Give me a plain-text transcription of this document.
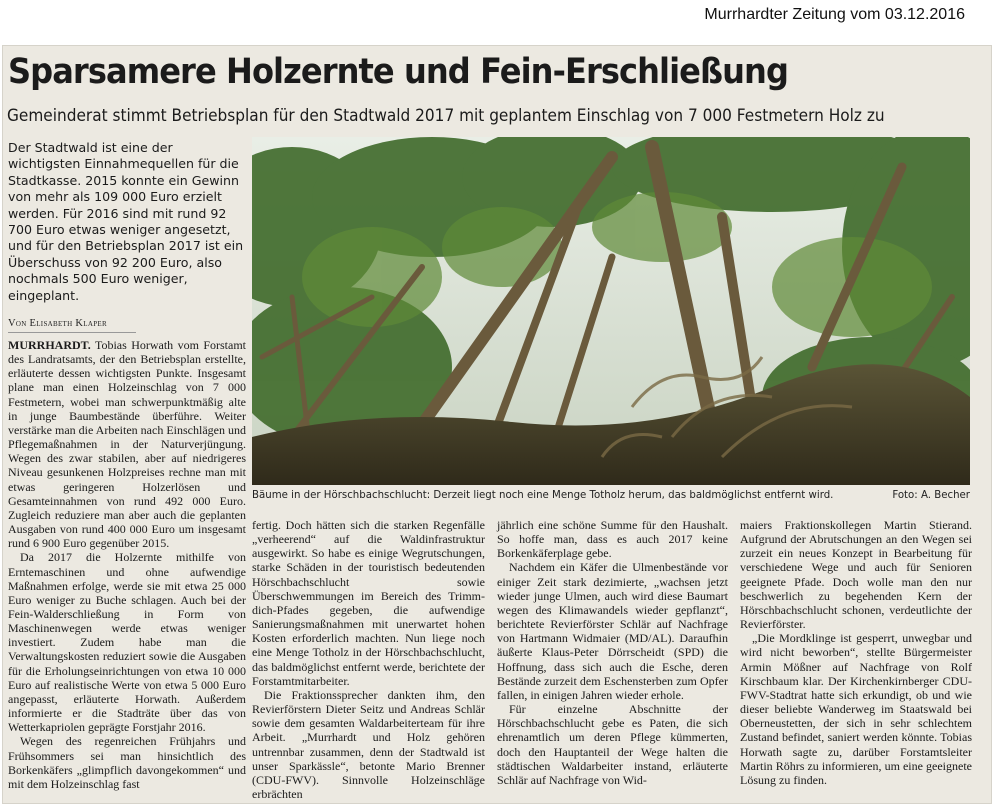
Murrhardter Zeitung vom 03.12.2016
Sparsamere Holzernte und Fein-Erschließung
Gemeinderat stimmt Betriebsplan für den Stadtwald 2017 mit geplantem Einschlag von 7 000 Festmetern Holz zu
Der Stadtwald ist eine der wichtigsten Einnahmequellen für die Stadtkasse. 2015 konnte ein Gewinn von mehr als 109 000 Euro erzielt werden. Für 2016 sind mit rund 92 700 Euro etwas weniger angesetzt, und für den Betriebsplan 2017 ist ein Überschuss von 92 200 Euro, also nochmals 500 Euro weniger, eingeplant.
Von Elisabeth Klaper

MURRHARDT. Tobias Horwath vom Forstamt des Landratsamts, der den Betriebsplan erstellte, erläuterte dessen wichtigsten Punkte. Insgesamt plane man einen Holzeinschlag von 7 000 Festmetern, wobei man schwerpunktmäßig alte in junge Baumbestände überführe. Weiter verstärke man die Arbeiten nach Einschlägen und Pflegemaßnahmen in der Naturverjüngung. Wegen des zwar stabilen, aber auf niedrigeres Niveau gesunkenen Holzpreises rechne man mit etwas geringeren Holzerlösen und Gesamteinnahmen von rund 492 000 Euro. Zugleich reduziere man aber auch die geplanten Ausgaben von rund 400 000 Euro um insgesamt rund 6 900 Euro gegenüber 2015.

Da 2017 die Holzernte mithilfe von Erntemaschinen und ohne aufwendige Maßnahmen erfolge, werde sie mit etwa 25 000 Euro weniger zu Buche schlagen. Auch bei der Fein-Walderschließung in Form von Maschinenwegen werde etwas weniger investiert. Zudem habe man die Verwaltungskosten reduziert sowie die Ausgaben für die Erholungseinrichtungen von etwa 10 000 Euro auf realistische Werte von etwa 5 000 Euro angepasst, erläuterte Horwath. Außerdem informierte er die Stadträte über das von Wetterkapriolen geprägte Forstjahr 2016.

Wegen des regenreichen Frühjahrs und Frühsommers sei man hinsichtlich des Borkenkäfers „glimpflich davongekommen“ und mit dem Holzeinschlag fast

Bäume in der Hörschbachschlucht: Derzeit liegt noch eine Menge Totholz herum, das baldmöglichst entfernt wird.	Foto: A. Becher

fertig. Doch hätten sich die starken Regenfälle „verheerend“ auf die Waldinfrastruktur ausgewirkt. So habe es einige Wegrutschungen, starke Schäden in der touristisch bedeutenden Hörschbachschlucht sowie Überschwemmungen im Bereich des Trimm-dich-Pfades gegeben, die aufwendige Sanierungsmaßnahmen mit unerwartet hohen Kosten erforderlich machten. Nun liege noch eine Menge Totholz in der Hörschbachschlucht, das baldmöglichst entfernt werde, berichtete der Forstamtmitarbeiter.

Die Fraktionssprecher dankten ihm, den Revierförstern Dieter Seitz und Andreas Schlär sowie dem gesamten Waldarbeiterteam für ihre Arbeit. „Murrhardt und Holz gehören untrennbar zusammen, denn der Stadtwald ist unser Sparkässle“, betonte Mario Brenner (CDU-FWV). Sinnvolle Holzeinschläge erbrächten

jährlich eine schöne Summe für den Haushalt. So hoffe man, dass es auch 2017 keine Borkenkäferplage gebe.

Nachdem ein Käfer die Ulmenbestände vor einiger Zeit stark dezimierte, „wachsen jetzt wieder junge Ulmen, auch wird diese Baumart wegen des Klimawandels wieder gepflanzt“, berichtete Revierförster Schlär auf Nachfrage von Hartmann Widmaier (MD/AL). Daraufhin äußerte Klaus-Peter Dörrscheidt (SPD) die Hoffnung, dass sich auch die Esche, deren Bestände zurzeit dem Eschensterben zum Opfer fallen, in einigen Jahren wieder erhole.

Für einzelne Abschnitte der Hörschbachschlucht gebe es Paten, die sich ehrenamtlich um deren Pflege kümmerten, doch den Hauptanteil der Wege halten die städtischen Waldarbeiter instand, erläuterte Schlär auf Nachfrage von Wid-

maiers Fraktionskollegen Martin Stierand. Aufgrund der Abrutschungen an den Wegen sei zurzeit ein neues Konzept in Bearbeitung für verschiedene Wege und auch für Senioren geeignete Pfade. Doch wolle man den nur beschwerlich zu begehenden Kern der Hörschbachschlucht schonen, verdeutlichte der Revierförster.

„Die Mordklinge ist gesperrt, unwegbar und wird nicht beworben“, stellte Bürgermeister Armin Mößner auf Nachfrage von Rolf Kirschbaum klar. Der Kirchenkirnberger CDU-FWV-Stadtrat hatte sich erkundigt, ob und wie dieser beliebte Wanderweg im Staatswald bei Oberneustetten, der sich in sehr schlechtem Zustand befindet, saniert werden könnte. Tobias Horwath sagte zu, darüber Forstamtsleiter Martin Röhrs zu informieren, um eine geeignete Lösung zu finden.
